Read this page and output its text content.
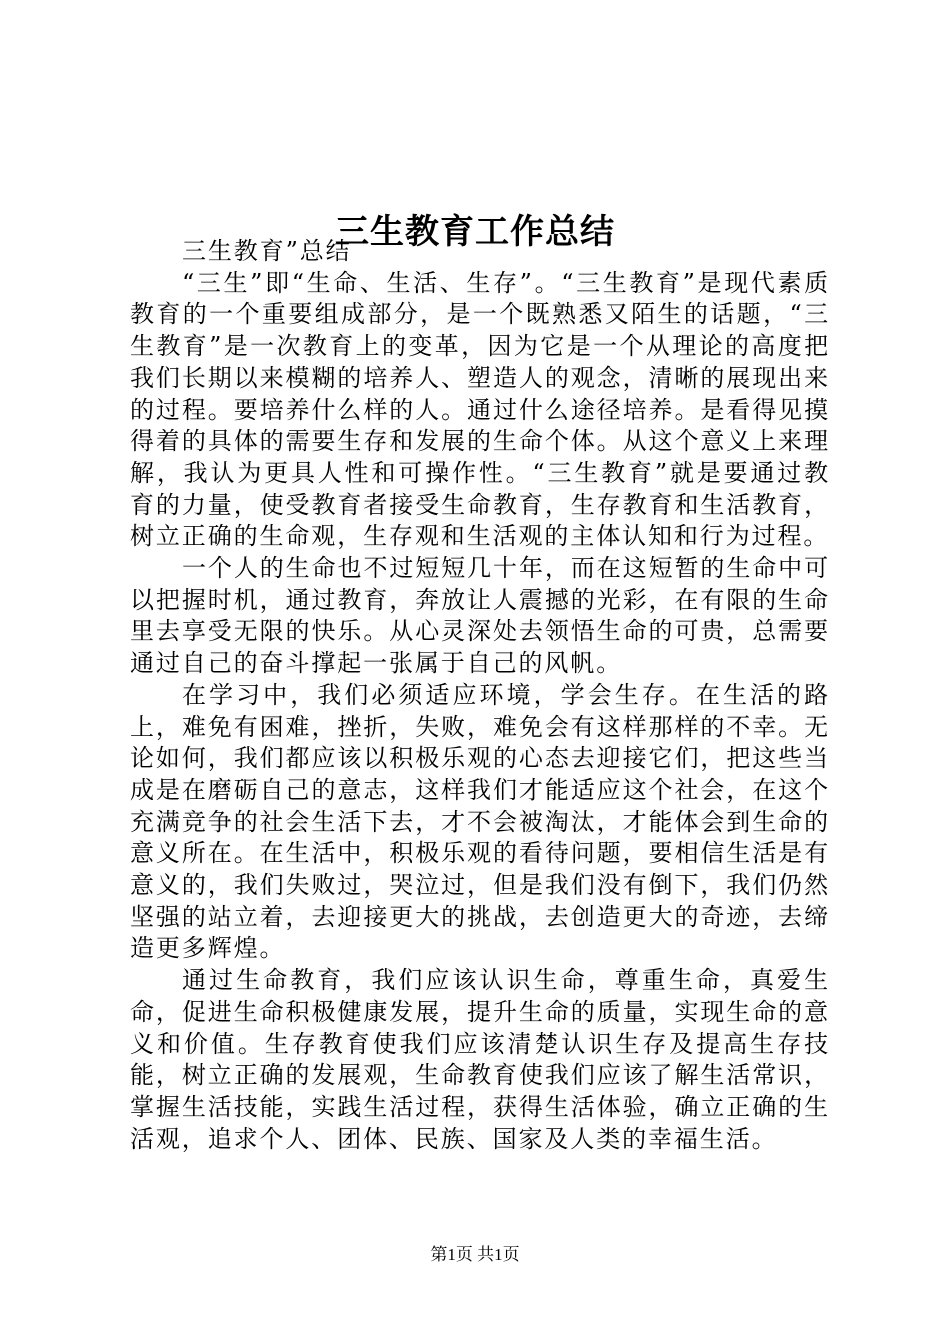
三生教育工作总结

三生教育”总结

“三生”即“生命、生活、生存”。“三生教育”是现代素质教育的一个重要组成部分，是一个既熟悉又陌生的话题，“三生教育”是一次教育上的变革，因为它是一个从理论的高度把我们长期以来模糊的培养人、塑造人的观念，清晰的展现出来的过程。要培养什么样的人。通过什么途径培养。是看得见摸得着的具体的需要生存和发展的生命个体。从这个意义上来理解，我认为更具人性和可操作性。“三生教育”就是要通过教育的力量，使受教育者接受生命教育，生存教育和生活教育，树立正确的生命观，生存观和生活观的主体认知和行为过程。

一个人的生命也不过短短几十年，而在这短暂的生命中可以把握时机，通过教育，奔放让人震撼的光彩，在有限的生命里去享受无限的快乐。从心灵深处去领悟生命的可贵，总需要通过自己的奋斗撑起一张属于自己的风帆。

在学习中，我们必须适应环境，学会生存。在生活的路上，难免有困难，挫折，失败，难免会有这样那样的不幸。无论如何，我们都应该以积极乐观的心态去迎接它们，把这些当成是在磨砺自己的意志，这样我们才能适应这个社会，在这个充满竞争的社会生活下去，才不会被淘汰，才能体会到生命的意义所在。在生活中，积极乐观的看待问题，要相信生活是有意义的，我们失败过，哭泣过，但是我们没有倒下，我们仍然坚强的站立着，去迎接更大的挑战，去创造更大的奇迹，去缔造更多辉煌。

通过生命教育，我们应该认识生命，尊重生命，真爱生命，促进生命积极健康发展，提升生命的质量，实现生命的意义和价值。生存教育使我们应该清楚认识生存及提高生存技能，树立正确的发展观，生命教育使我们应该了解生活常识，掌握生活技能，实践生活过程，获得生活体验，确立正确的生活观，追求个人、团体、民族、国家及人类的幸福生活。

第1页 共1页
